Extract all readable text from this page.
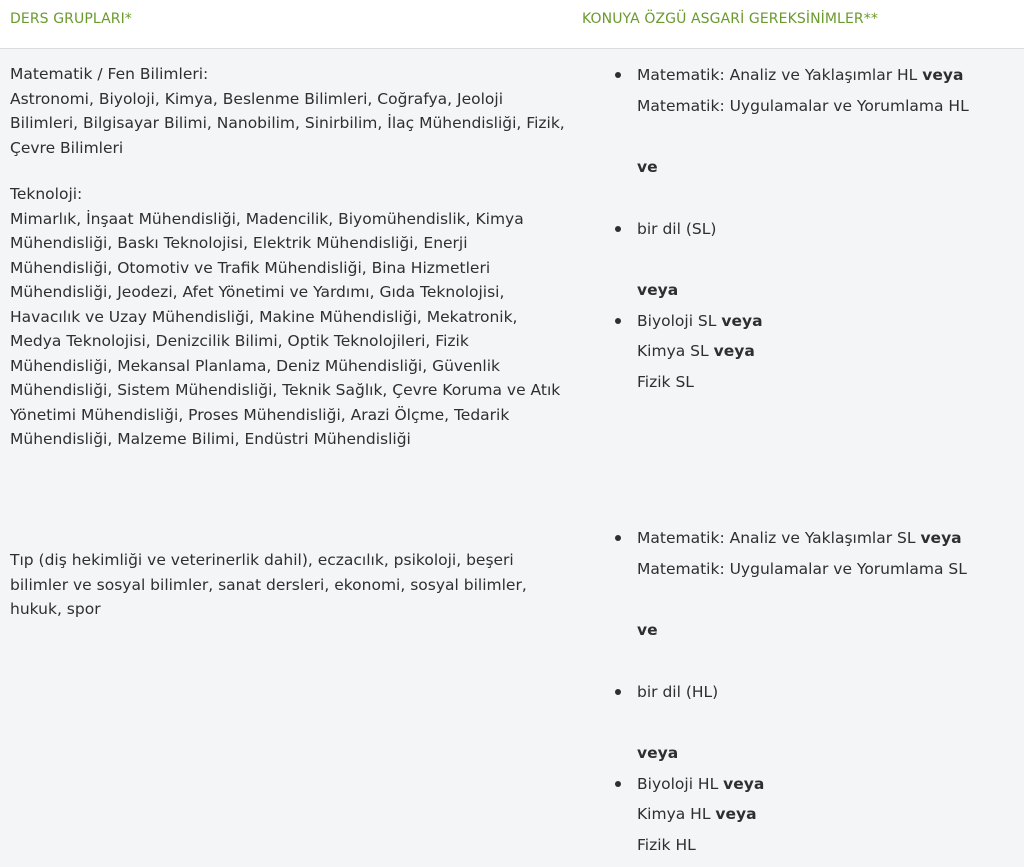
DERS GRUPLARI*	KONUYA ÖZGÜ ASGARİ GEREKSİNİMLER**
Matematik / Fen Bilimleri:
Astronomi, Biyoloji, Kimya, Beslenme Bilimleri, Coğrafya, Jeoloji Bilimleri, Bilgisayar Bilimi, Nanobilim, Sinirbilim, İlaç Mühendisliği, Fizik, Çevre Bilimleri
Teknoloji:
Mimarlık, İnşaat Mühendisliği, Madencilik, Biyomühendislik, Kimya Mühendisliği, Baskı Teknolojisi, Elektrik Mühendisliği, Enerji Mühendisliği, Otomotiv ve Trafik Mühendisliği, Bina Hizmetleri Mühendisliği, Jeodezi, Afet Yönetimi ve Yardımı, Gıda Teknolojisi, Havacılık ve Uzay Mühendisliği, Makine Mühendisliği, Mekatronik, Medya Teknolojisi, Denizcilik Bilimi, Optik Teknolojileri, Fizik Mühendisliği, Mekansal Planlama, Deniz Mühendisliği, Güvenlik Mühendisliği, Sistem Mühendisliği, Teknik Sağlık, Çevre Koruma ve Atık Yönetimi Mühendisliği, Proses Mühendisliği, Arazi Ölçme, Tedarik Mühendisliği, Malzeme Bilimi, Endüstri Mühendisliği
Matematik: Analiz ve Yaklaşımlar HL veya
Matematik: Uygulamalar ve Yorumlama HL
ve
bir dil (SL)
veya
Biyoloji SL veya
Kimya SL veya
Fizik SL
Tıp (diş hekimliği ve veterinerlik dahil), eczacılık, psikoloji, beşeri bilimler ve sosyal bilimler, sanat dersleri, ekonomi, sosyal bilimler, hukuk, spor
Matematik: Analiz ve Yaklaşımlar SL veya
Matematik: Uygulamalar ve Yorumlama SL
ve
bir dil (HL)
veya
Biyoloji HL veya
Kimya HL veya
Fizik HL
